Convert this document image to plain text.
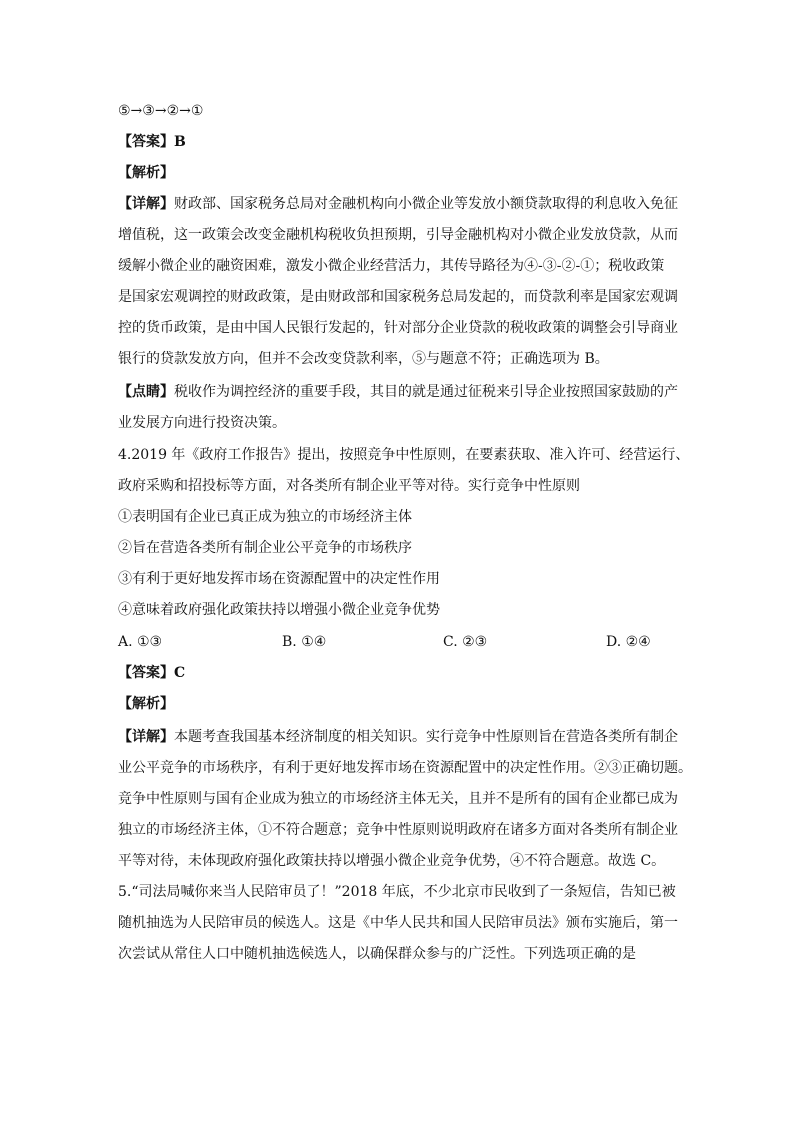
⑤→③→②→①
【答案】B
【解析】
【详解】财政部、国家税务总局对金融机构向小微企业等发放小额贷款取得的利息收入免征
增值税，这一政策会改变金融机构税收负担预期，引导金融机构对小微企业发放贷款，从而
缓解小微企业的融资困难，激发小微企业经营活力，其传导路径为④-③-②-①；税收政策
是国家宏观调控的财政政策，是由财政部和国家税务总局发起的，而贷款利率是国家宏观调
控的货币政策，是由中国人民银行发起的，针对部分企业贷款的税收政策的调整会引导商业
银行的贷款发放方向，但并不会改变贷款利率，⑤与题意不符；正确选项为 B。
【点睛】税收作为调控经济的重要手段，其目的就是通过征税来引导企业按照国家鼓励的产
业发展方向进行投资决策。
4.2019 年《政府工作报告》提出，按照竞争中性原则，在要素获取、准入许可、经营运行、
政府采购和招投标等方面，对各类所有制企业平等对待。实行竞争中性原则
①表明国有企业已真正成为独立的市场经济主体
②旨在营造各类所有制企业公平竞争的市场秩序
③有利于更好地发挥市场在资源配置中的决定性作用
④意味着政府强化政策扶持以增强小微企业竞争优势
A. ①③	B. ①④	C. ②③	D. ②④
【答案】C
【解析】
【详解】本题考查我国基本经济制度的相关知识。实行竞争中性原则旨在营造各类所有制企
业公平竞争的市场秩序，有利于更好地发挥市场在资源配置中的决定性作用。②③正确切题。
竞争中性原则与国有企业成为独立的市场经济主体无关，且并不是所有的国有企业都已成为
独立的市场经济主体，①不符合题意；竞争中性原则说明政府在诸多方面对各类所有制企业
平等对待，未体现政府强化政策扶持以增强小微企业竞争优势，④不符合题意。故选 C。
5.“司法局喊你来当人民陪审员了！”2018 年底，不少北京市民收到了一条短信，告知已被
随机抽选为人民陪审员的候选人。这是《中华人民共和国人民陪审员法》颁布实施后，第一
次尝试从常住人口中随机抽选候选人，以确保群众参与的广泛性。下列选项正确的是
